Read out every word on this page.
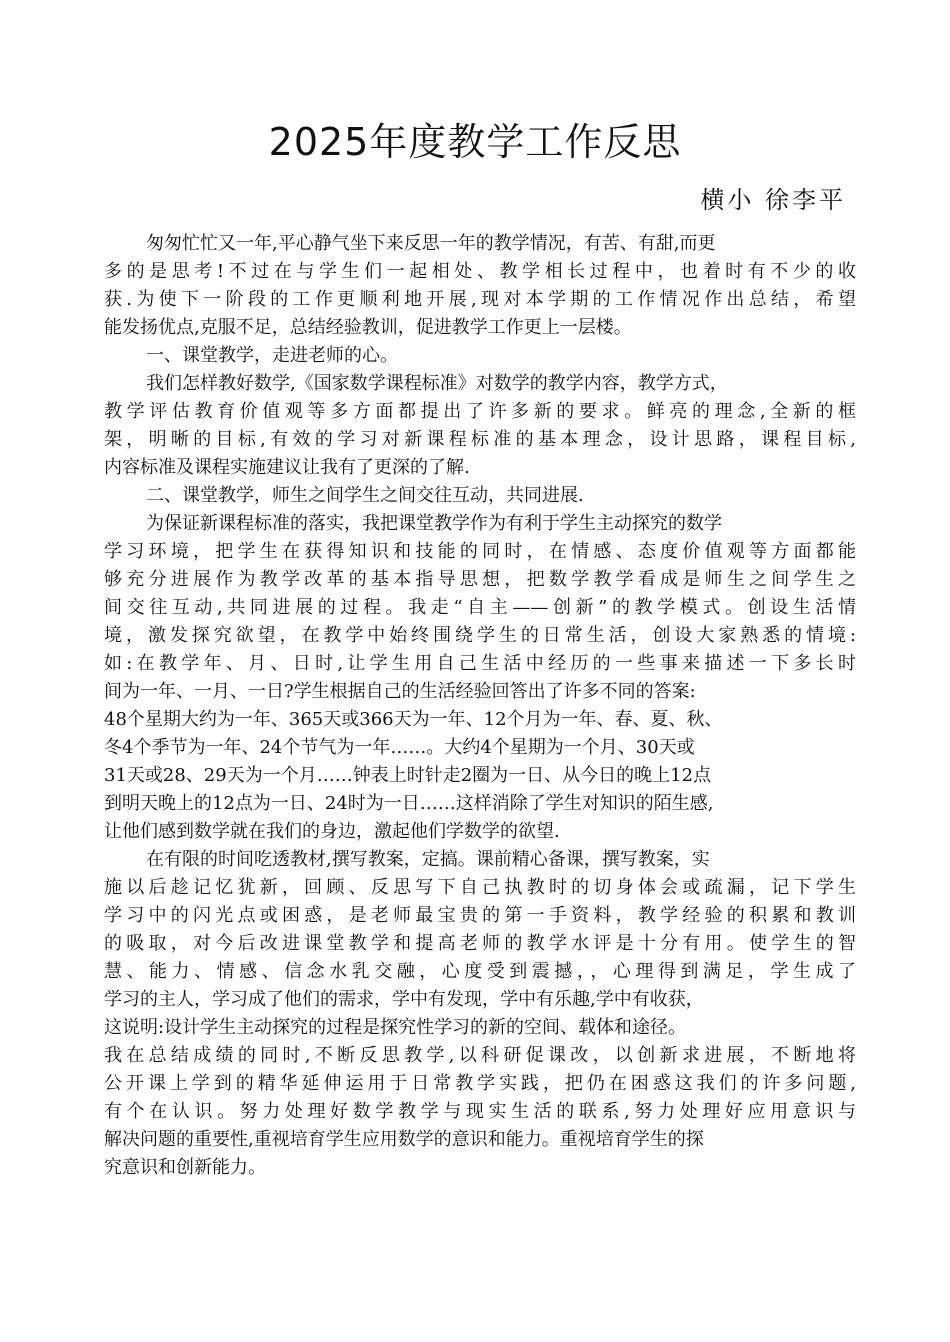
2025年度教学工作反思
横小 徐李平
匆匆忙忙又一年,平心静气坐下来反思一年的教学情况，有苦、有甜,而更
多的是思考!不过在与学生们一起相处、教学相长过程中，也着时有不少的收
获.为使下一阶段的工作更顺利地开展,现对本学期的工作情况作出总结，希望
能发扬优点,克服不足，总结经验教训，促进教学工作更上一层楼。
一、课堂教学，走进老师的心。
我们怎样教好数学,《国家数学课程标准》对数学的教学内容，教学方式，
教学评估教育价值观等多方面都提出了许多新的要求。鲜亮的理念,全新的框
架，明晰的目标,有效的学习对新课程标准的基本理念，设计思路，课程目标,
内容标准及课程实施建议让我有了更深的了解.
二、课堂教学，师生之间学生之间交往互动，共同进展.
为保证新课程标准的落实，我把课堂教学作为有利于学生主动探究的数学
学习环境，把学生在获得知识和技能的同时，在情感、态度价值观等方面都能
够充分进展作为教学改革的基本指导思想，把数学教学看成是师生之间学生之
间交往互动,共同进展的过程。我走“自主——创新”的教学模式。创设生活情
境，激发探究欲望，在教学中始终围绕学生的日常生活，创设大家熟悉的情境:
如:在教学年、月、日时,让学生用自己生活中经历的一些事来描述一下多长时
间为一年、一月、一日?学生根据自己的生活经验回答出了许多不同的答案:
48个星期大约为一年、365天或366天为一年、12个月为一年、春、夏、秋、
冬4个季节为一年、24个节气为一年……。大约4个星期为一个月、30天或
31天或28、29天为一个月……钟表上时针走2圈为一日、从今日的晚上12点
到明天晚上的12点为一日、24时为一日……这样消除了学生对知识的陌生感,
让他们感到数学就在我们的身边，激起他们学数学的欲望.
在有限的时间吃透教材,撰写教案，定搞。课前精心备课，撰写教案，实
施以后趁记忆犹新，回顾、反思写下自己执教时的切身体会或疏漏，记下学生
学习中的闪光点或困惑，是老师最宝贵的第一手资料，教学经验的积累和教训
的吸取，对今后改进课堂教学和提高老师的教学水评是十分有用。使学生的智
慧、能力、情感、信念水乳交融，心度受到震撼，，心理得到满足，学生成了
学习的主人，学习成了他们的需求，学中有发现，学中有乐趣,学中有收获，
这说明:设计学生主动探究的过程是探究性学习的新的空间、载体和途径。
我在总结成绩的同时,不断反思教学,以科研促课改，以创新求进展，不断地将
公开课上学到的精华延伸运用于日常教学实践，把仍在困惑这我们的许多问题,
有个在认识。努力处理好数学教学与现实生活的联系,努力处理好应用意识与
解决问题的重要性,重视培育学生应用数学的意识和能力。重视培育学生的探
究意识和创新能力。
